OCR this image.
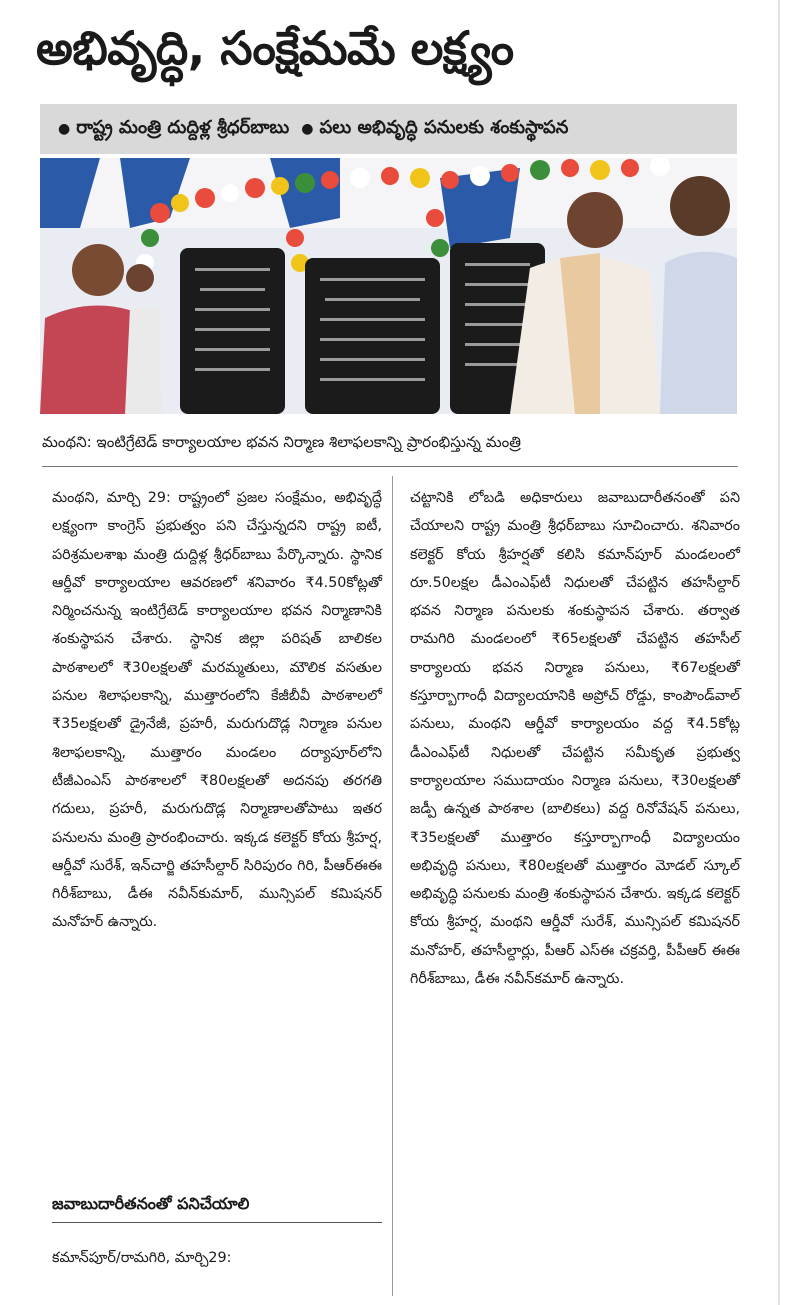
అభివృద్ధి, సంక్షేమమే లక్ష్యం
● రాష్ట్ర మంత్రి దుద్దిళ్ల శ్రీధర్‌బాబు ● పలు అభివృద్ధి పనులకు శంకుస్థాపన
మంథని: ఇంటిగ్రేటెడ్ కార్యాలయాల భవన నిర్మాణ శిలాఫలకాన్ని ప్రారంభిస్తున్న మంత్రి

మంథని, మార్చి 29: రాష్ట్రంలో ప్రజల సంక్షేమం, అభివృద్ధే లక్ష్యంగా కాంగ్రెస్ ప్రభుత్వం పని చేస్తున్నదని రాష్ట్ర ఐటీ, పరిశ్రమలశాఖ మంత్రి దుద్దిళ్ల శ్రీధర్‌బాబు పేర్కొన్నారు. స్థానిక ఆర్డీవో కార్యాలయాల ఆవరణలో శనివారం ₹4.50కోట్లతో నిర్మించనున్న ఇంటిగ్రేటెడ్ కార్యాలయాల భవన నిర్మాణానికి శంకుస్థాపన చేశారు. స్థానిక జిల్లా పరిషత్ బాలికల పాఠశాలలో ₹30లక్షలతో మరమ్మతులు, మౌలిక వసతుల పనుల శిలాఫలకాన్ని, ముత్తారంలోని కేజీబీవీ పాఠశాలలో ₹35లక్షలతో డ్రైనేజీ, ప్రహరీ, మరుగుదొడ్ల నిర్మాణ పనుల శిలాఫలకాన్ని, ముత్తారం మండలం దర్యాపూర్‌లోని టీజీఎంఎస్ పాఠశాలలో ₹80లక్షలతో అదనపు తరగతి గదులు, ప్రహరీ, మరుగుదొడ్ల నిర్మాణాలతోపాటు ఇతర పనులను మంత్రి ప్రారంభించారు. ఇక్కడ కలెక్టర్ కోయ శ్రీహర్ష, ఆర్డీవో సురేశ్, ఇన్‌చార్జి తహసీల్దార్ సిరిపురం గిరి, పీఆర్ఈఈ గిరీశ్‌బాబు, డీఈ నవీన్‌కుమార్, మున్సిపల్ కమిషనర్ మనోహర్ ఉన్నారు.

చట్టానికి లోబడి అధికారులు జవాబుదారీతనంతో పని చేయాలని రాష్ట్ర మంత్రి శ్రీధర్‌బాబు సూచించారు. శనివారం కలెక్టర్ కోయ శ్రీహర్షతో కలిసి కమాన్‌పూర్ మండలంలో రూ.50లక్షల డీఎంఎఫ్‌టీ నిధులతో చేపట్టిన తహసీల్దార్ భవన నిర్మాణ పనులకు శంకుస్థాపన చేశారు. తర్వాత రామగిరి మండలంలో ₹65లక్షలతో చేపట్టిన తహసీల్ కార్యాలయ భవన నిర్మాణ పనులు, ₹67లక్షలతో కస్తూర్బాగాంధీ విద్యాలయానికి అప్రోచ్ రోడ్డు, కాంపౌండ్‌వాల్ పనులు, మంథని ఆర్డీవో కార్యాలయం వద్ద ₹4.5కోట్ల డీఎంఎఫ్‌టీ నిధులతో చేపట్టిన సమీకృత ప్రభుత్వ కార్యాలయాల సముదాయం నిర్మాణ పనులు, ₹30లక్షలతో జడ్పీ ఉన్నత పాఠశాల (బాలికలు) వద్ద రినోవేషన్ పనులు, ₹35లక్షలతో ముత్తారం కస్తూర్బాగాంధీ విద్యాలయం అభివృద్ధి పనులు, ₹80లక్షలతో ముత్తారం మోడల్ స్కూల్ అభివృద్ధి పనులకు మంత్రి శంకుస్థాపన చేశారు. ఇక్కడ కలెక్టర్ కోయ శ్రీహర్ష, మంథని ఆర్డీవో సురేశ్, మున్సిపల్ కమిషనర్ మనోహర్, తహసీల్దార్లు, పీఆర్ ఎస్ఈ చక్రవర్తి, పీపీఆర్ ఈఈ గిరీశ్‌బాబు, డీఈ నవీన్‌కమార్ ఉన్నారు.

జవాబుదారీతనంతో పనిచేయాలి
కమాన్‌పూర్/రామగిరి, మార్చి29:
